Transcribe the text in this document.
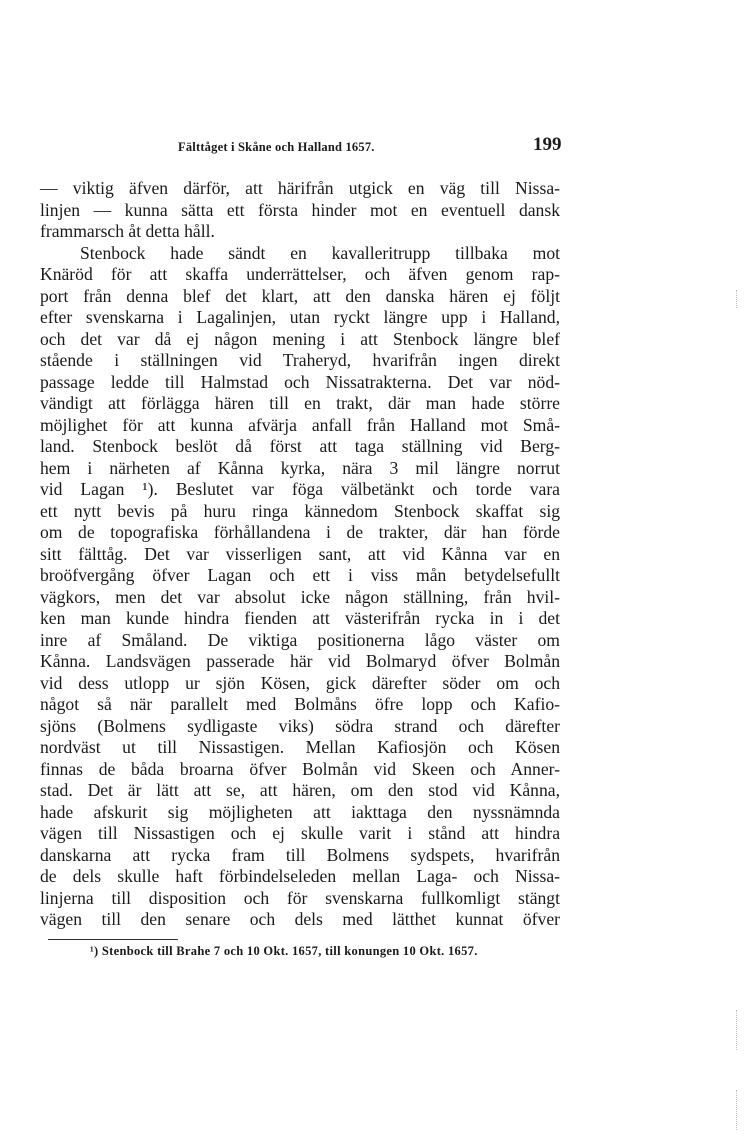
Fälttåget i Skåne och Halland 1657.	199
— viktig äfven därför, att härifrån utgick en väg till Nissa-
linjen — kunna sätta ett första hinder mot en eventuell dansk
frammarsch åt detta håll.
Stenbock hade sändt en kavalleritrupp tillbaka mot
Knäröd för att skaffa underrättelser, och äfven genom rap-
port från denna blef det klart, att den danska hären ej följt
efter svenskarna i Lagalinjen, utan ryckt längre upp i Halland,
och det var då ej någon mening i att Stenbock längre blef
stående i ställningen vid Traheryd, hvarifrån ingen direkt
passage ledde till Halmstad och Nissatrakterna. Det var nöd-
vändigt att förlägga hären till en trakt, där man hade större
möjlighet för att kunna afvärja anfall från Halland mot Små-
land. Stenbock beslöt då först att taga ställning vid Berg-
hem i närheten af Kånna kyrka, nära 3 mil längre norrut
vid Lagan ¹). Beslutet var föga välbetänkt och torde vara
ett nytt bevis på huru ringa kännedom Stenbock skaffat sig
om de topografiska förhållandena i de trakter, där han förde
sitt fälttåg. Det var visserligen sant, att vid Kånna var en
broöfvergång öfver Lagan och ett i viss mån betydelsefullt
vägkors, men det var absolut icke någon ställning, från hvil-
ken man kunde hindra fienden att västerifrån rycka in i det
inre af Småland. De viktiga positionerna lågo väster om
Kånna. Landsvägen passerade här vid Bolmaryd öfver Bolmån
vid dess utlopp ur sjön Kösen, gick därefter söder om och
något så när parallelt med Bolmåns öfre lopp och Kafio-
sjöns (Bolmens sydligaste viks) södra strand och därefter
nordväst ut till Nissastigen. Mellan Kafiosjön och Kösen
finnas de båda broarna öfver Bolmån vid Skeen och Anner-
stad. Det är lätt att se, att hären, om den stod vid Kånna,
hade afskurit sig möjligheten att iakttaga den nyssnämnda
vägen till Nissastigen och ej skulle varit i stånd att hindra
danskarna att rycka fram till Bolmens sydspets, hvarifrån
de dels skulle haft förbindelseleden mellan Laga- och Nissa-
linjerna till disposition och för svenskarna fullkomligt stängt
vägen till den senare och dels med lätthet kunnat öfver
¹) Stenbock till Brahe 7 och 10 Okt. 1657, till konungen 10 Okt. 1657.
